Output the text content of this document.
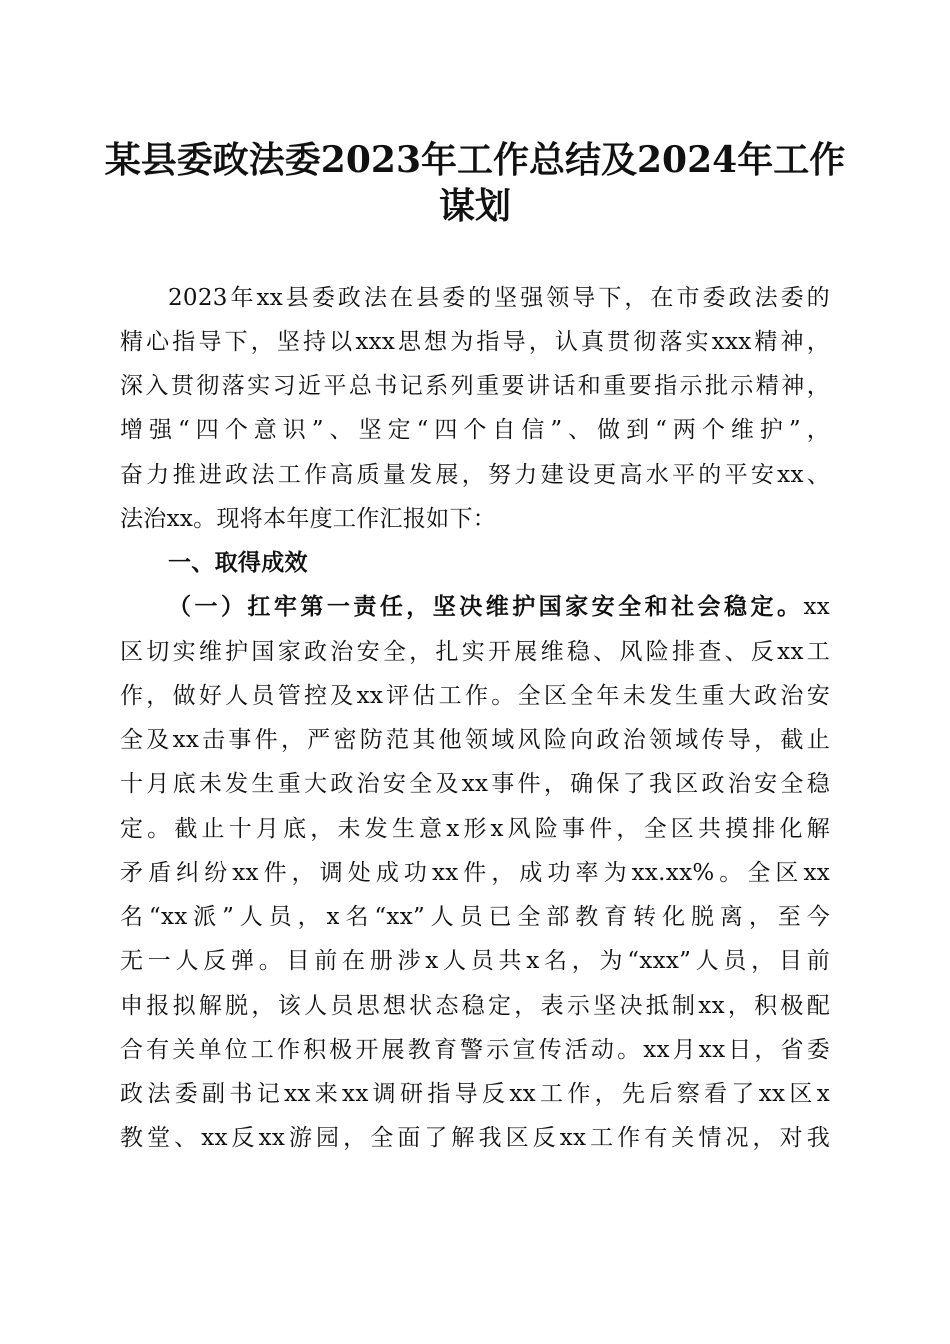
某县委政法委2023年工作总结及2024年工作
谋划
2023年xx县委政法在县委的坚强领导下，在市委政法委的
精心指导下，坚持以xxx思想为指导，认真贯彻落实xxx精神，
深入贯彻落实习近平总书记系列重要讲话和重要指示批示精神，
增强“四个意识”、坚定“四个自信”、做到“两个维护”，
奋力推进政法工作高质量发展，努力建设更高水平的平安xx、
法治xx。现将本年度工作汇报如下：
一、取得成效
（一）扛牢第一责任，坚决维护国家安全和社会稳定。xx
区切实维护国家政治安全，扎实开展维稳、风险排查、反xx工
作，做好人员管控及xx评估工作。全区全年未发生重大政治安
全及xx击事件，严密防范其他领域风险向政治领域传导，截止
十月底未发生重大政治安全及xx事件，确保了我区政治安全稳
定。截止十月底，未发生意x形x风险事件，全区共摸排化解
矛盾纠纷xx件，调处成功xx件，成功率为xx.xx%。全区xx
名“xx派”人员，x名“xx”人员已全部教育转化脱离，至今
无一人反弹。目前在册涉x人员共x名，为“xxx”人员，目前
申报拟解脱，该人员思想状态稳定，表示坚决抵制xx，积极配
合有关单位工作积极开展教育警示宣传活动。xx月xx日，省委
政法委副书记xx来xx调研指导反xx工作，先后察看了xx区x
教堂、xx反xx游园，全面了解我区反xx工作有关情况，对我
